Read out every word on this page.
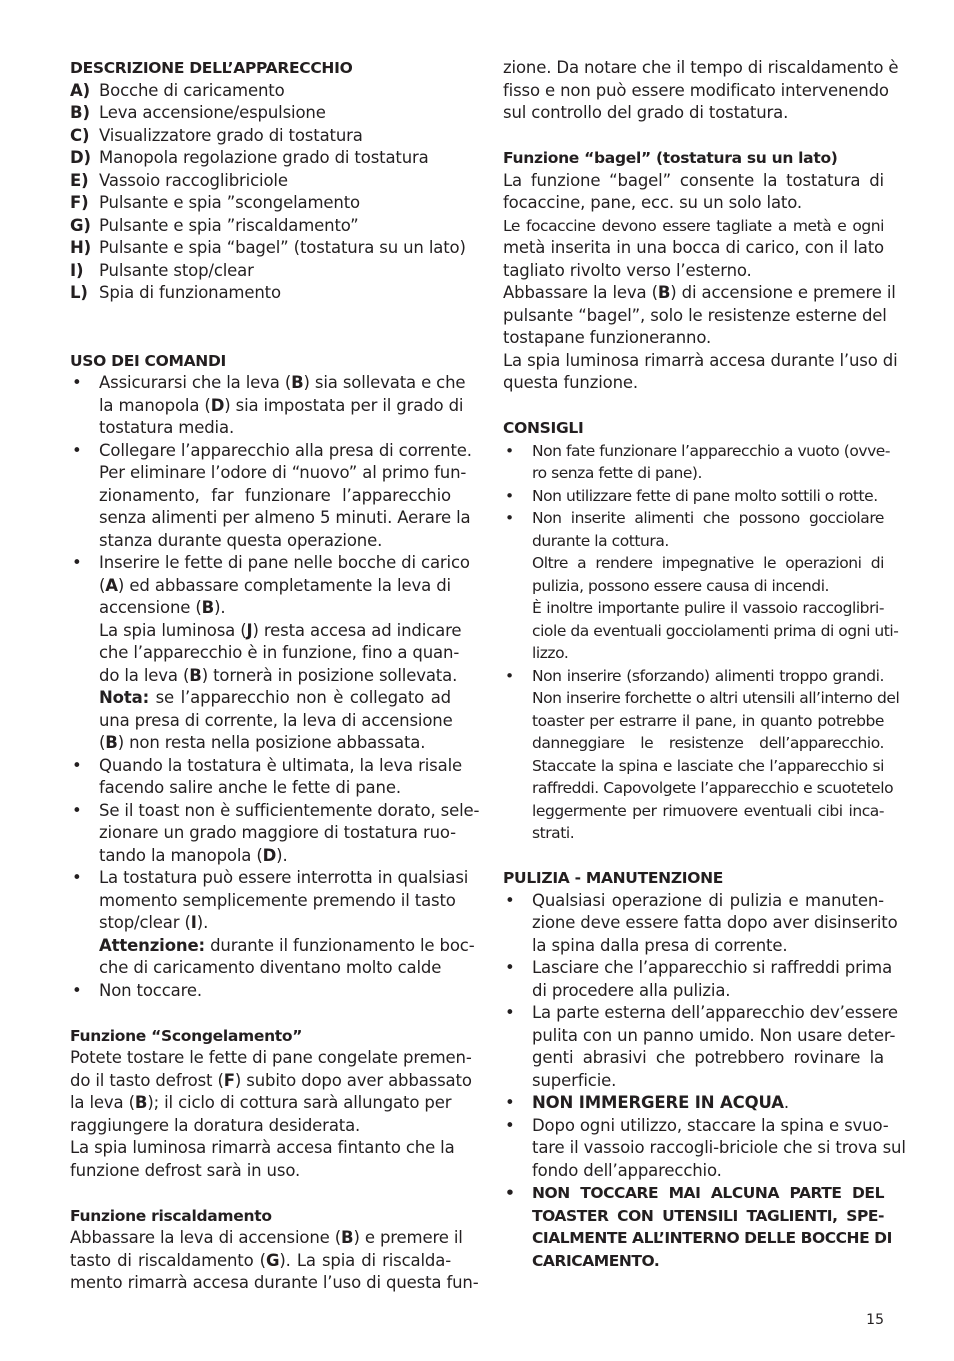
DESCRIZIONE DELL’APPARECCHIO
A) Bocche di caricamento
B) Leva accensione/espulsione
C) Visualizzatore grado di tostatura
D) Manopola regolazione grado di tostatura
E) Vassoio raccoglibriciole
F) Pulsante e spia ”scongelamento
G) Pulsante e spia ”riscaldamento”
H) Pulsante e spia “bagel” (tostatura su un lato)
I) Pulsante stop/clear
L) Spia di funzionamento
USO DEI COMANDI
• Assicurarsi che la leva (B) sia sollevata e che
la manopola (D) sia impostata per il grado di
tostatura media.
• Collegare l’apparecchio alla presa di corrente.
Per eliminare l’odore di “nuovo” al primo fun-
zionamento, far funzionare l’apparecchio
senza alimenti per almeno 5 minuti. Aerare la
stanza durante questa operazione.
• Inserire le fette di pane nelle bocche di carico
(A) ed abbassare completamente la leva di
accensione (B).
La spia luminosa (J) resta accesa ad indicare
che l’apparecchio è in funzione, fino a quan-
do la leva (B) tornerà in posizione sollevata.
Nota: se l’apparecchio non è collegato ad
una presa di corrente, la leva di accensione
(B) non resta nella posizione abbassata.
• Quando la tostatura è ultimata, la leva risale
facendo salire anche le fette di pane.
• Se il toast non è sufficientemente dorato, sele-
zionare un grado maggiore di tostatura ruo-
tando la manopola (D).
• La tostatura può essere interrotta in qualsiasi
momento semplicemente premendo il tasto
stop/clear (I).
Attenzione: durante il funzionamento le boc-
che di caricamento diventano molto calde
• Non toccare.
Funzione “Scongelamento”
Potete tostare le fette di pane congelate premen-
do il tasto defrost (F) subito dopo aver abbassato
la leva (B); il ciclo di cottura sarà allungato per
raggiungere la doratura desiderata.
La spia luminosa rimarrà accesa fintanto che la
funzione defrost sarà in uso.
Funzione riscaldamento
Abbassare la leva di accensione (B) e premere il
tasto di riscaldamento (G). La spia di riscalda-
mento rimarrà accesa durante l’uso di questa fun-
zione. Da notare che il tempo di riscaldamento è
fisso e non può essere modificato intervenendo
sul controllo del grado di tostatura.
Funzione “bagel” (tostatura su un lato)
La funzione “bagel” consente la tostatura di
focaccine, pane, ecc. su un solo lato.
Le focaccine devono essere tagliate a metà e ogni
metà inserita in una bocca di carico, con il lato
tagliato rivolto verso l’esterno.
Abbassare la leva (B) di accensione e premere il
pulsante “bagel”, solo le resistenze esterne del
tostapane funzioneranno.
La spia luminosa rimarrà accesa durante l’uso di
questa funzione.
CONSIGLI
• Non fate funzionare l’apparecchio a vuoto (ovve-
ro senza fette di pane).
• Non utilizzare fette di pane molto sottili o rotte.
• Non inserite alimenti che possono gocciolare
durante la cottura.
Oltre a rendere impegnative le operazioni di
pulizia, possono essere causa di incendi.
È inoltre importante pulire il vassoio raccoglibri-
ciole da eventuali gocciolamenti prima di ogni uti-
lizzo.
• Non inserire (sforzando) alimenti troppo grandi.
Non inserire forchette o altri utensili all’interno del
toaster per estrarre il pane, in quanto potrebbe
danneggiare le resistenze dell’apparecchio.
Staccate la spina e lasciate che l’apparecchio si
raffreddi. Capovolgete l’apparecchio e scuotetelo
leggermente per rimuovere eventuali cibi inca-
strati.
PULIZIA - MANUTENZIONE
• Qualsiasi operazione di pulizia e manuten-
zione deve essere fatta dopo aver disinserito
la spina dalla presa di corrente.
• Lasciare che l’apparecchio si raffreddi prima
di procedere alla pulizia.
• La parte esterna dell’apparecchio dev’essere
pulita con un panno umido. Non usare deter-
genti abrasivi che potrebbero rovinare la
superficie.
• NON IMMERGERE IN ACQUA.
• Dopo ogni utilizzo, staccare la spina e svuo-
tare il vassoio raccogli-briciole che si trova sul
fondo dell’apparecchio.
• NON TOCCARE MAI ALCUNA PARTE DEL
TOASTER CON UTENSILI TAGLIENTI, SPE-
CIALMENTE ALL’INTERNO DELLE BOCCHE DI
CARICAMENTO.
15
